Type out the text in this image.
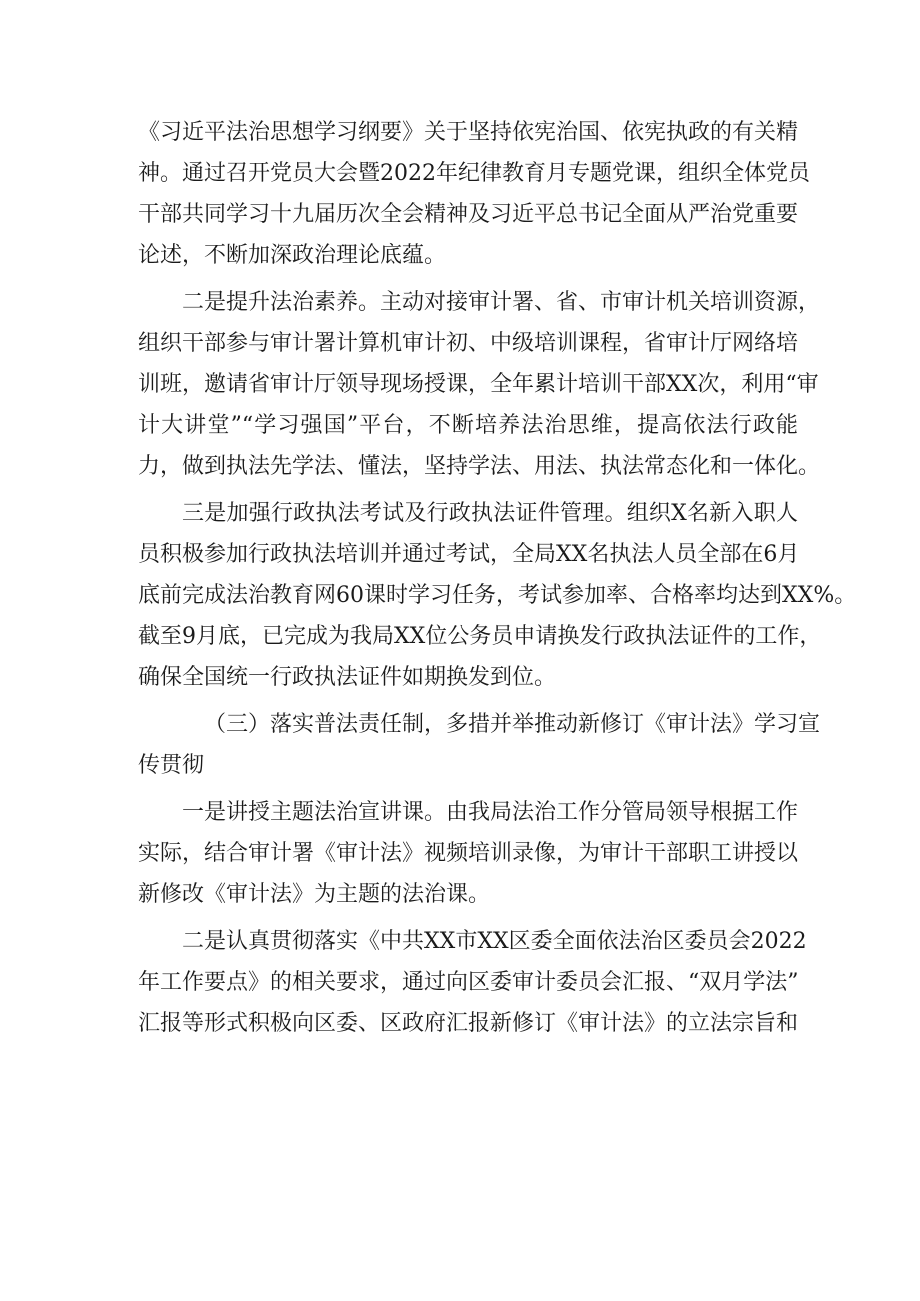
《习近平法治思想学习纲要》关于坚持依宪治国、依宪执政的有关精
神。通过召开党员大会暨2022年纪律教育月专题党课，组织全体党员
干部共同学习十九届历次全会精神及习近平总书记全面从严治党重要
论述，不断加深政治理论底蕴。
二是提升法治素养。主动对接审计署、省、市审计机关培训资源，
组织干部参与审计署计算机审计初、中级培训课程，省审计厅网络培
训班，邀请省审计厅领导现场授课，全年累计培训干部XX次，利用“审
计大讲堂”“学习强国”平台，不断培养法治思维，提高依法行政能
力，做到执法先学法、懂法，坚持学法、用法、执法常态化和一体化。
三是加强行政执法考试及行政执法证件管理。组织X名新入职人
员积极参加行政执法培训并通过考试，全局XX名执法人员全部在6月
底前完成法治教育网60课时学习任务，考试参加率、合格率均达到XX%。
截至9月底，已完成为我局XX位公务员申请换发行政执法证件的工作，
确保全国统一行政执法证件如期换发到位。
（三）落实普法责任制，多措并举推动新修订《审计法》学习宣
传贯彻
一是讲授主题法治宣讲课。由我局法治工作分管局领导根据工作
实际，结合审计署《审计法》视频培训录像，为审计干部职工讲授以
新修改《审计法》为主题的法治课。
二是认真贯彻落实《中共XX市XX区委全面依法治区委员会2022
年工作要点》的相关要求，通过向区委审计委员会汇报、“双月学法”
汇报等形式积极向区委、区政府汇报新修订《审计法》的立法宗旨和
